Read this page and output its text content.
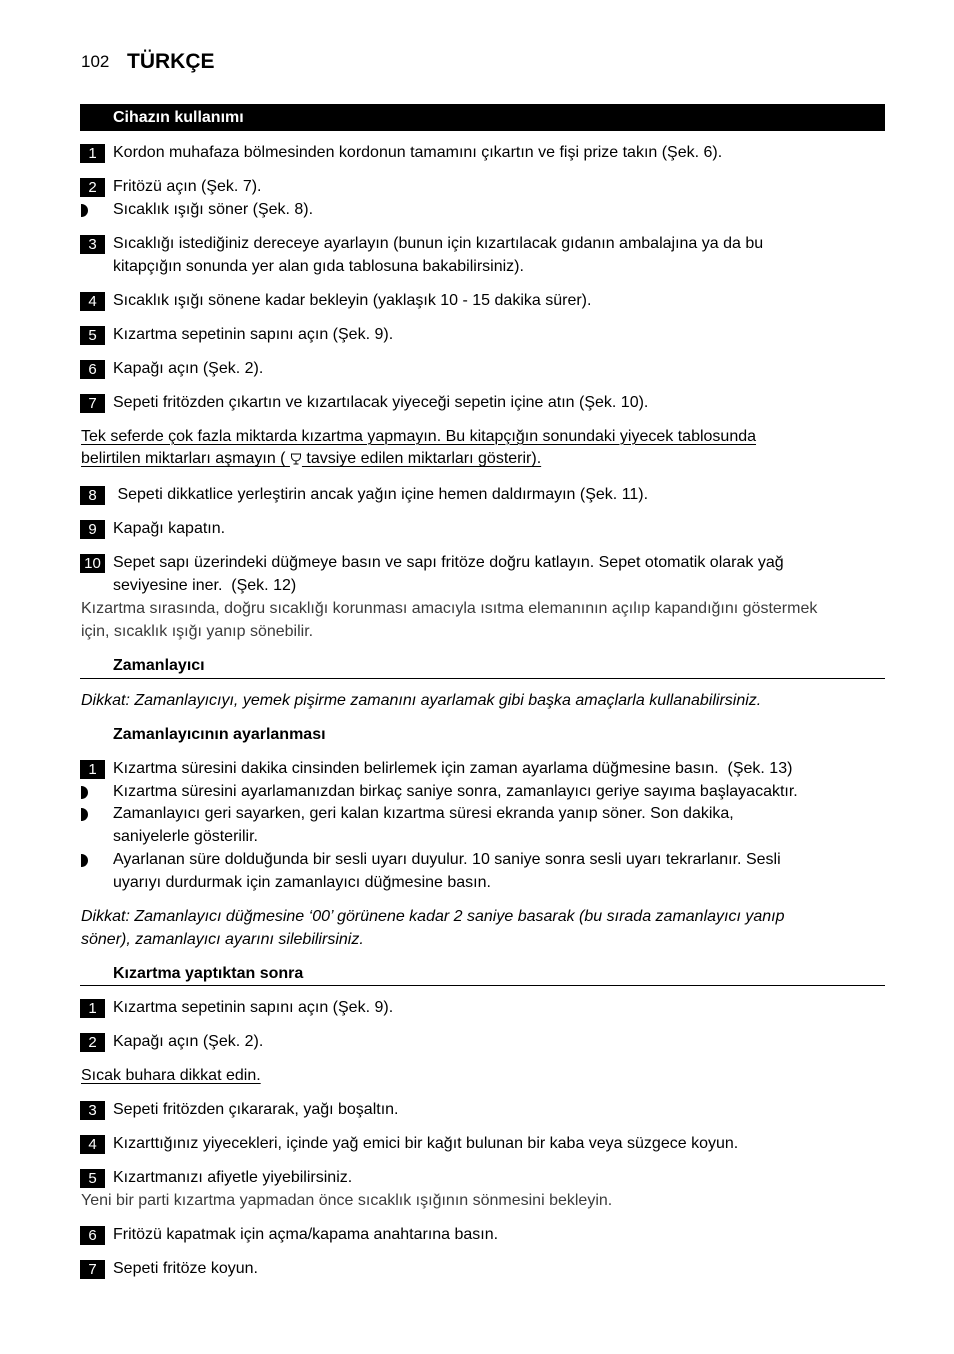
102 TÜRKÇE
Cihazın kullanımı
1	Kordon muhafaza bölmesinden kordonun tamamını çıkartın ve fişi prize takın (Şek. 6).
2	Fritözü açın (Şek. 7).
Sıcaklık ışığı söner (Şek. 8).
3	Sıcaklığı istediğiniz dereceye ayarlayın (bunun için kızartılacak gıdanın ambalajına ya da bu
kitapçığın sonunda yer alan gıda tablosuna bakabilirsiniz).
4	Sıcaklık ışığı sönene kadar bekleyin (yaklaşık 10 - 15 dakika sürer).
5	Kızartma sepetinin sapını açın (Şek. 9).
6	Kapağı açın (Şek. 2).
7	Sepeti fritözden çıkartın ve kızartılacak yiyeceği sepetin içine atın (Şek. 10).
Tek seferde çok fazla miktarda kızartma yapmayın. Bu kitapçığın sonundaki yiyecek tablosunda
belirtilen miktarları aşmayın (  tavsiye edilen miktarları gösterir).
8	Sepeti dikkatlice yerleştirin ancak yağın içine hemen daldırmayın (Şek. 11).
9	Kapağı kapatın.
10 Sepet sapı üzerindeki düğmeye basın ve sapı fritöze doğru katlayın. Sepet otomatik olarak yağ
seviyesine iner.  (Şek. 12)
Kızartma sırasında, doğru sıcaklığı korunması amacıyla ısıtma elemanının açılıp kapandığını göstermek
için, sıcaklık ışığı yanıp sönebilir.
Zamanlayıcı
Dikkat: Zamanlayıcıyı, yemek pişirme zamanını ayarlamak gibi başka amaçlarla kullanabilirsiniz.
Zamanlayıcının ayarlanması
1	Kızartma süresini dakika cinsinden belirlemek için zaman ayarlama düğmesine basın.  (Şek. 13)
Kızartma süresini ayarlamanızdan birkaç saniye sonra, zamanlayıcı geriye sayıma başlayacaktır.
Zamanlayıcı geri sayarken, geri kalan kızartma süresi ekranda yanıp söner. Son dakika,
saniyelerle gösterilir.
Ayarlanan süre dolduğunda bir sesli uyarı duyulur. 10 saniye sonra sesli uyarı tekrarlanır. Sesli
uyarıyı durdurmak için zamanlayıcı düğmesine basın.
Dikkat: Zamanlayıcı düğmesine ‘00’ görünene kadar 2 saniye basarak (bu sırada zamanlayıcı yanıp
söner), zamanlayıcı ayarını silebilirsiniz.
Kızartma yaptıktan sonra
1	Kızartma sepetinin sapını açın (Şek. 9).
2	Kapağı açın (Şek. 2).
Sıcak buhara dikkat edin.
3	Sepeti fritözden çıkararak, yağı boşaltın.
4	Kızarttığınız yiyecekleri, içinde yağ emici bir kağıt bulunan bir kaba veya süzgece koyun.
5	Kızartmanızı afiyetle yiyebilirsiniz.
Yeni bir parti kızartma yapmadan önce sıcaklık ışığının sönmesini bekleyin.
6	Fritözü kapatmak için açma/kapama anahtarına basın.
7	Sepeti fritöze koyun.
